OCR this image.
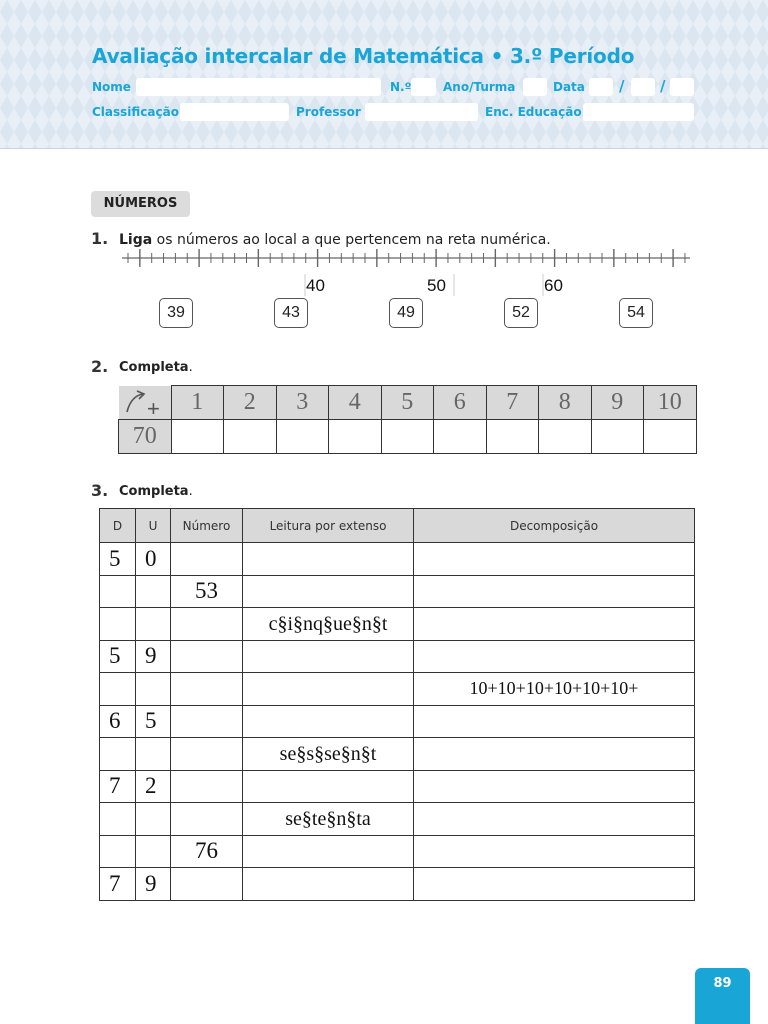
Avaliação intercalar de Matemática • 3.º Período
Nome	N.º	Ano/Turma	Data / /
Classificação	Professor	Enc. Educação
NÚMEROS
1. Liga os números ao local a que pertencem na reta numérica.
40	50	60
39	43	49	52	54
2. Completa.
+	1	2	3	4	5	6	7	8	9	10
70										
3. Completa.
D	U	Número	Leitura por extenso	Decomposição
5	0			
		53		
			c§i§nq§ue§n§t	
5	9			
				10+10+10+10+10+10+
6	5			
			se§s§se§n§t	
7	2			
			se§te§n§ta	
		76		
7	9			
89
